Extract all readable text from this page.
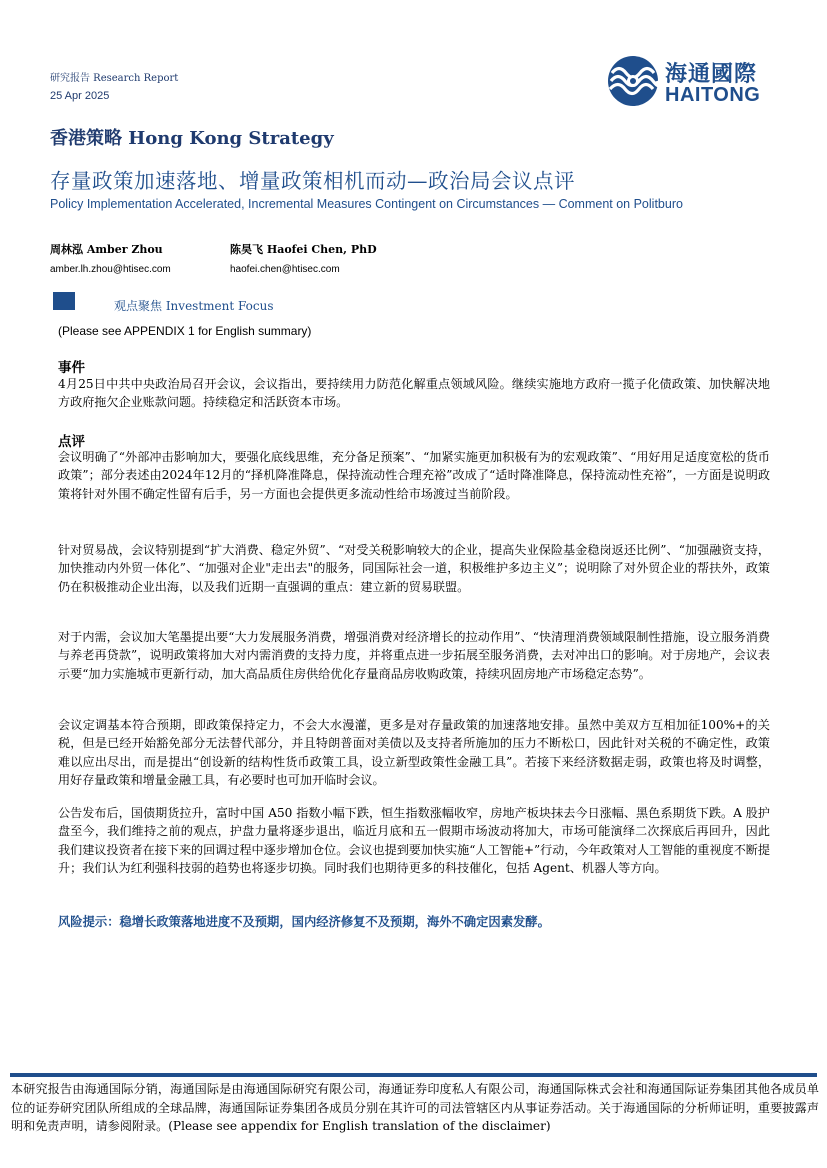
研究报告 Research Report
25 Apr 2025
海通國際
HAITONG
香港策略 Hong Kong Strategy
存量政策加速落地、增量政策相机而动—政治局会议点评
Policy Implementation Accelerated, Incremental Measures Contingent on Circumstances — Comment on Politburo
周林泓 Amber Zhou
amber.lh.zhou@htisec.com
陈昊飞 Haofei Chen, PhD
haofei.chen@htisec.com
观点聚焦 Investment Focus
(Please see APPENDIX 1 for English summary)
事件
4月25日中共中央政治局召开会议，会议指出，要持续用力防范化解重点领域风险。继续实施地方政府一揽子化债政策、加快解决地方政府拖欠企业账款问题。持续稳定和活跃资本市场。
点评
会议明确了“外部冲击影响加大，要强化底线思维，充分备足预案”、“加紧实施更加积极有为的宏观政策”、“用好用足适度宽松的货币政策”；部分表述由2024年12月的“择机降准降息，保持流动性合理充裕”改成了“适时降准降息，保持流动性充裕”，一方面是说明政策将针对外围不确定性留有后手，另一方面也会提供更多流动性给市场渡过当前阶段。
针对贸易战，会议特别提到“扩大消费、稳定外贸”、“对受关税影响较大的企业，提高失业保险基金稳岗返还比例”、“加强融资支持，加快推动内外贸一体化”、“加强对企业"走出去"的服务，同国际社会一道，积极维护多边主义”；说明除了对外贸企业的帮扶外，政策仍在积极推动企业出海，以及我们近期一直强调的重点：建立新的贸易联盟。
对于内需，会议加大笔墨提出要“大力发展服务消费，增强消费对经济增长的拉动作用”、“快清理消费领域限制性措施，设立服务消费与养老再贷款”，说明政策将加大对内需消费的支持力度，并将重点进一步拓展至服务消费，去对冲出口的影响。对于房地产，会议表示要“加力实施城市更新行动，加大高品质住房供给优化存量商品房收购政策，持续巩固房地产市场稳定态势”。
会议定调基本符合预期，即政策保持定力，不会大水漫灌，更多是对存量政策的加速落地安排。虽然中美双方互相加征100%+的关税，但是已经开始豁免部分无法替代部分，并且特朗普面对美债以及支持者所施加的压力不断松口，因此针对关税的不确定性，政策难以应出尽出，而是提出“创设新的结构性货币政策工具，设立新型政策性金融工具”。若接下来经济数据走弱，政策也将及时调整，用好存量政策和增量金融工具，有必要时也可加开临时会议。
公告发布后，国债期货拉升，富时中国 A50 指数小幅下跌，恒生指数涨幅收窄，房地产板块抹去今日涨幅、黑色系期货下跌。A 股护盘至今，我们维持之前的观点，护盘力量将逐步退出，临近月底和五一假期市场波动将加大，市场可能演绎二次探底后再回升，因此我们建议投资者在接下来的回调过程中逐步增加仓位。会议也提到要加快实施“人工智能+”行动，今年政策对人工智能的重视度不断提升；我们认为红利强科技弱的趋势也将逐步切换。同时我们也期待更多的科技催化，包括 Agent、机器人等方向。
风险提示：稳增长政策落地进度不及预期，国内经济修复不及预期，海外不确定因素发酵。
本研究报告由海通国际分销，海通国际是由海通国际研究有限公司，海通证券印度私人有限公司，海通国际株式会社和海通国际证券集团其他各成员单位的证券研究团队所组成的全球品牌，海通国际证券集团各成员分别在其许可的司法管辖区内从事证券活动。关于海通国际的分析师证明，重要披露声明和免责声明，请参阅附录。(Please see appendix for English translation of the disclaimer)
